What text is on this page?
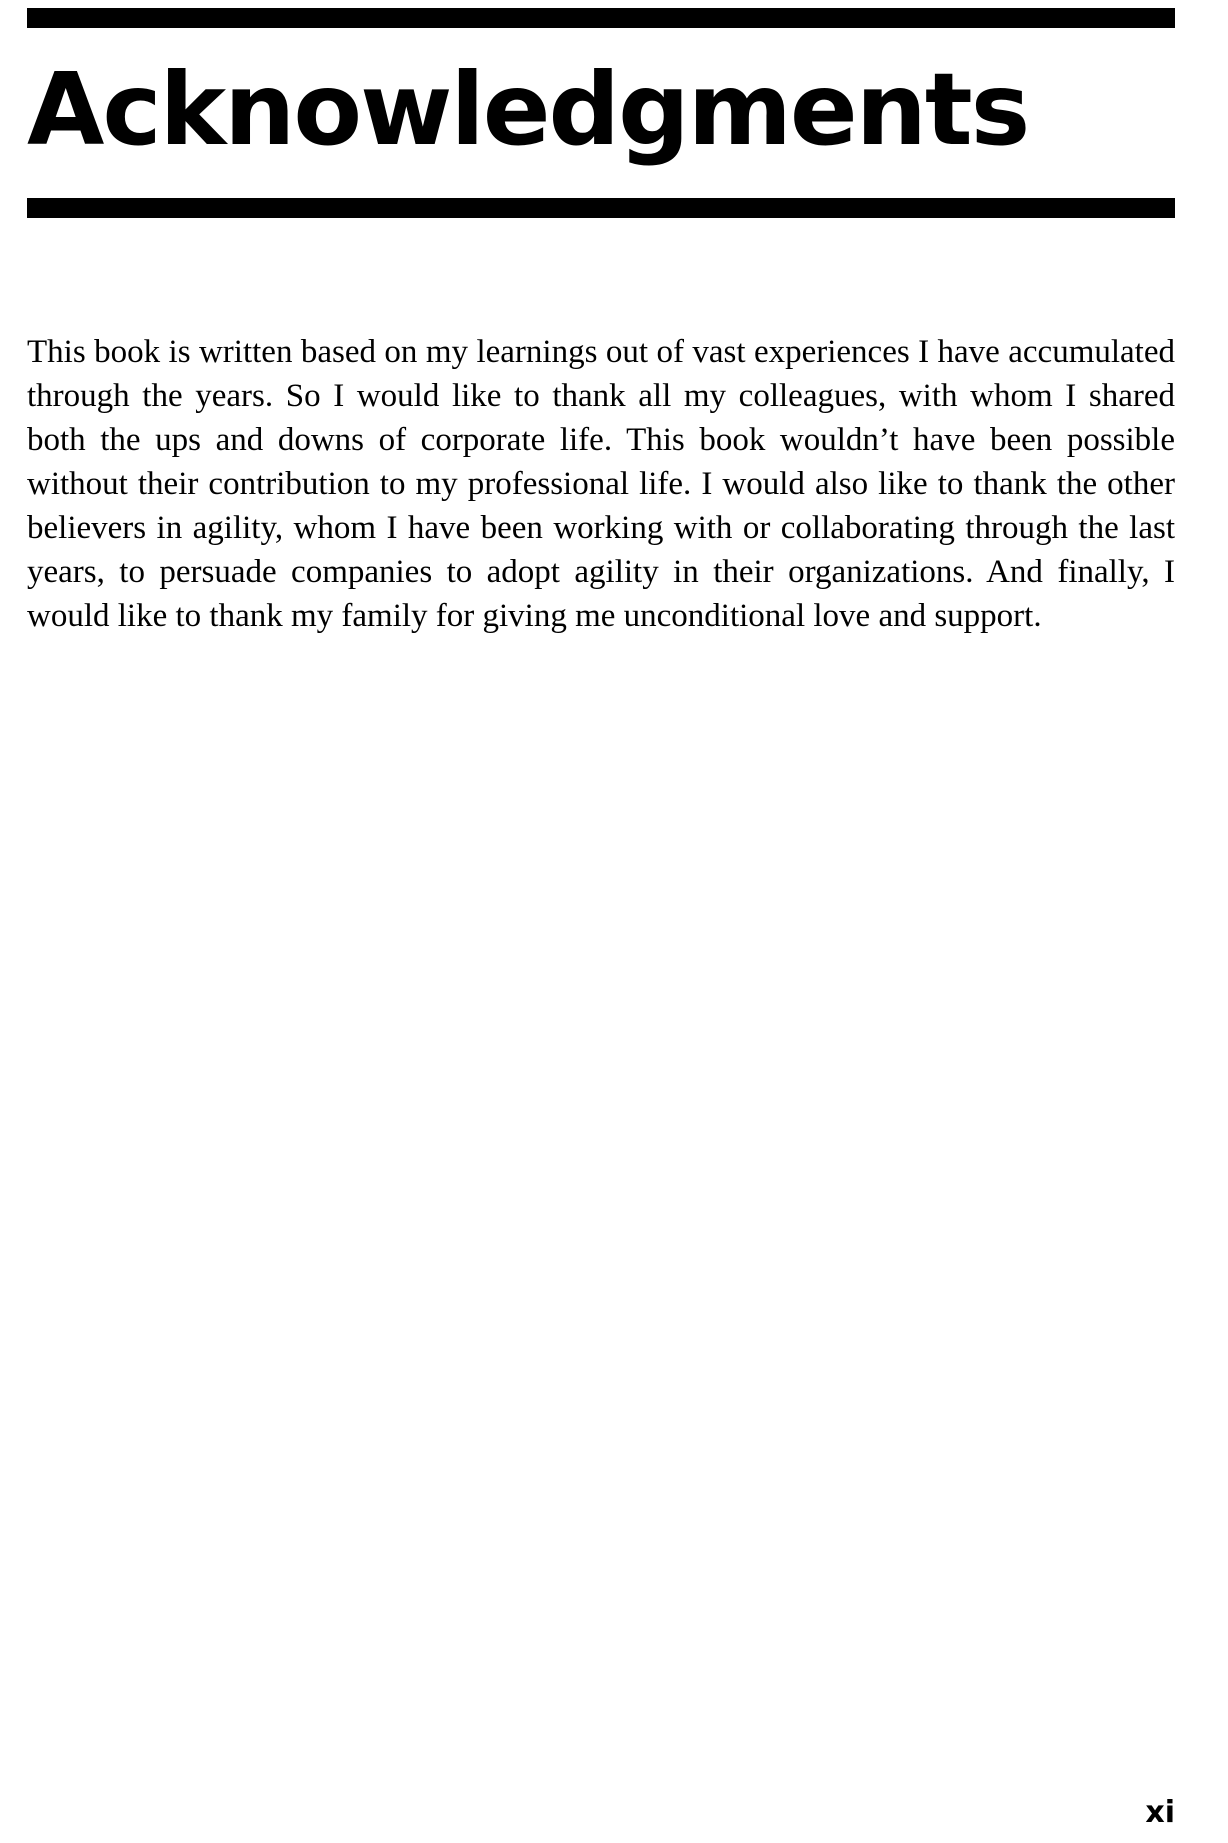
Acknowledgments

This book is written based on my learnings out of vast experiences I have accumulated through the years. So I would like to thank all my colleagues, with whom I shared both the ups and downs of corporate life. This book wouldn’t have been possible without their contribution to my professional life. I would also like to thank the other believers in agility, whom I have been working with or collaborating through the last years, to persuade companies to adopt agility in their organizations. And finally, I would like to thank my family for giving me unconditional love and support.

xi
